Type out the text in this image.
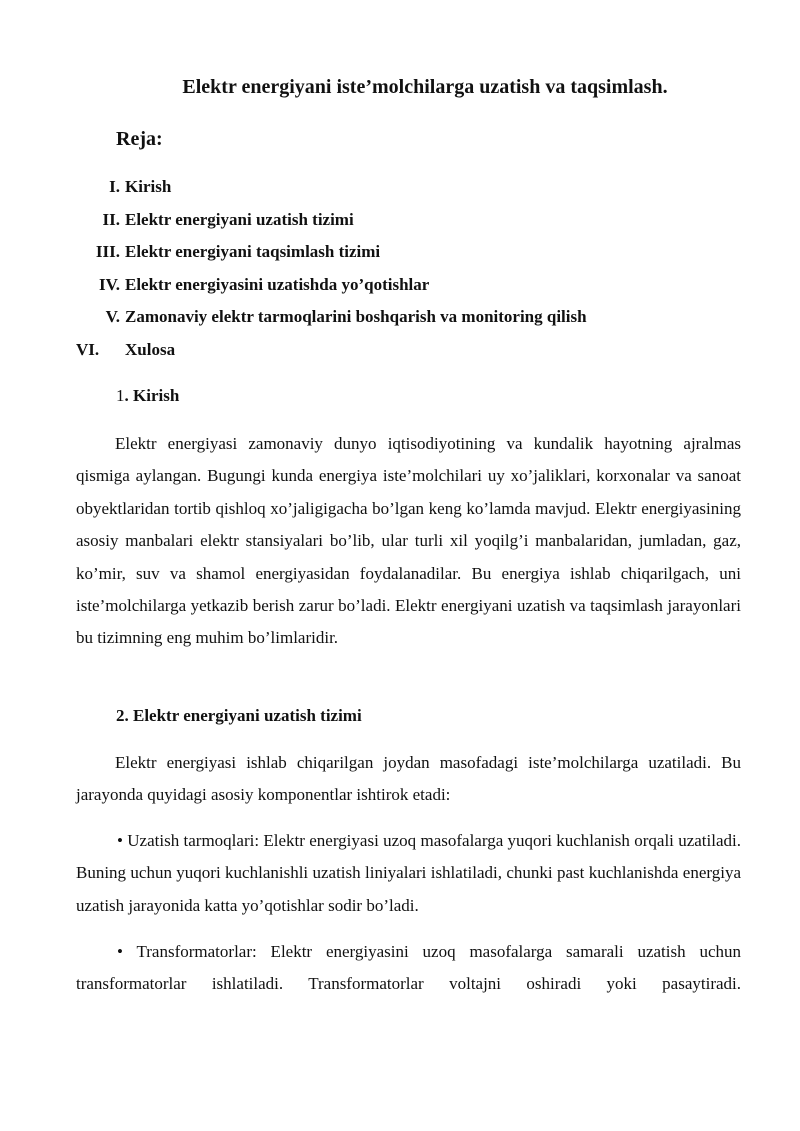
Elektr energiyani iste’molchilarga uzatish va taqsimlash.
Reja:
I. Kirish
II. Elektr energiyani uzatish tizimi
III. Elektr energiyani taqsimlash tizimi
IV. Elektr energiyasini uzatishda yo’qotishlar
V. Zamonaviy elektr tarmoqlarini boshqarish va monitoring qilish
VI. Xulosa
1. Kirish

Elektr energiyasi zamonaviy dunyo iqtisodiyotining va kundalik hayotning ajralmas qismiga aylangan. Bugungi kunda energiya iste’molchilari uy xo’jaliklari, korxonalar va sanoat obyektlaridan tortib qishloq xo’jaligigacha bo’lgan keng ko’lamda mavjud. Elektr energiyasining asosiy manbalari elektr stansiyalari bo’lib, ular turli xil yoqilg’i manbalaridan, jumladan, gaz, ko’mir, suv va shamol energiyasidan foydalanadilar. Bu energiya ishlab chiqarilgach, uni iste’molchilarga yetkazib berish zarur bo’ladi. Elektr energiyani uzatish va taqsimlash jarayonlari bu tizimning eng muhim bo’limlaridir.

2. Elektr energiyani uzatish tizimi

Elektr energiyasi ishlab chiqarilgan joydan masofadagi iste’molchilarga uzatiladi. Bu jarayonda quyidagi asosiy komponentlar ishtirok etadi:

• Uzatish tarmoqlari: Elektr energiyasi uzoq masofalarga yuqori kuchlanish orqali uzatiladi. Buning uchun yuqori kuchlanishli uzatish liniyalari ishlatiladi, chunki past kuchlanishda energiya uzatish jarayonida katta yo’qotishlar sodir bo’ladi.

• Transformatorlar: Elektr energiyasini uzoq masofalarga samarali uzatish uchun transformatorlar ishlatiladi. Transformatorlar voltajni oshiradi yoki pasaytiradi.
